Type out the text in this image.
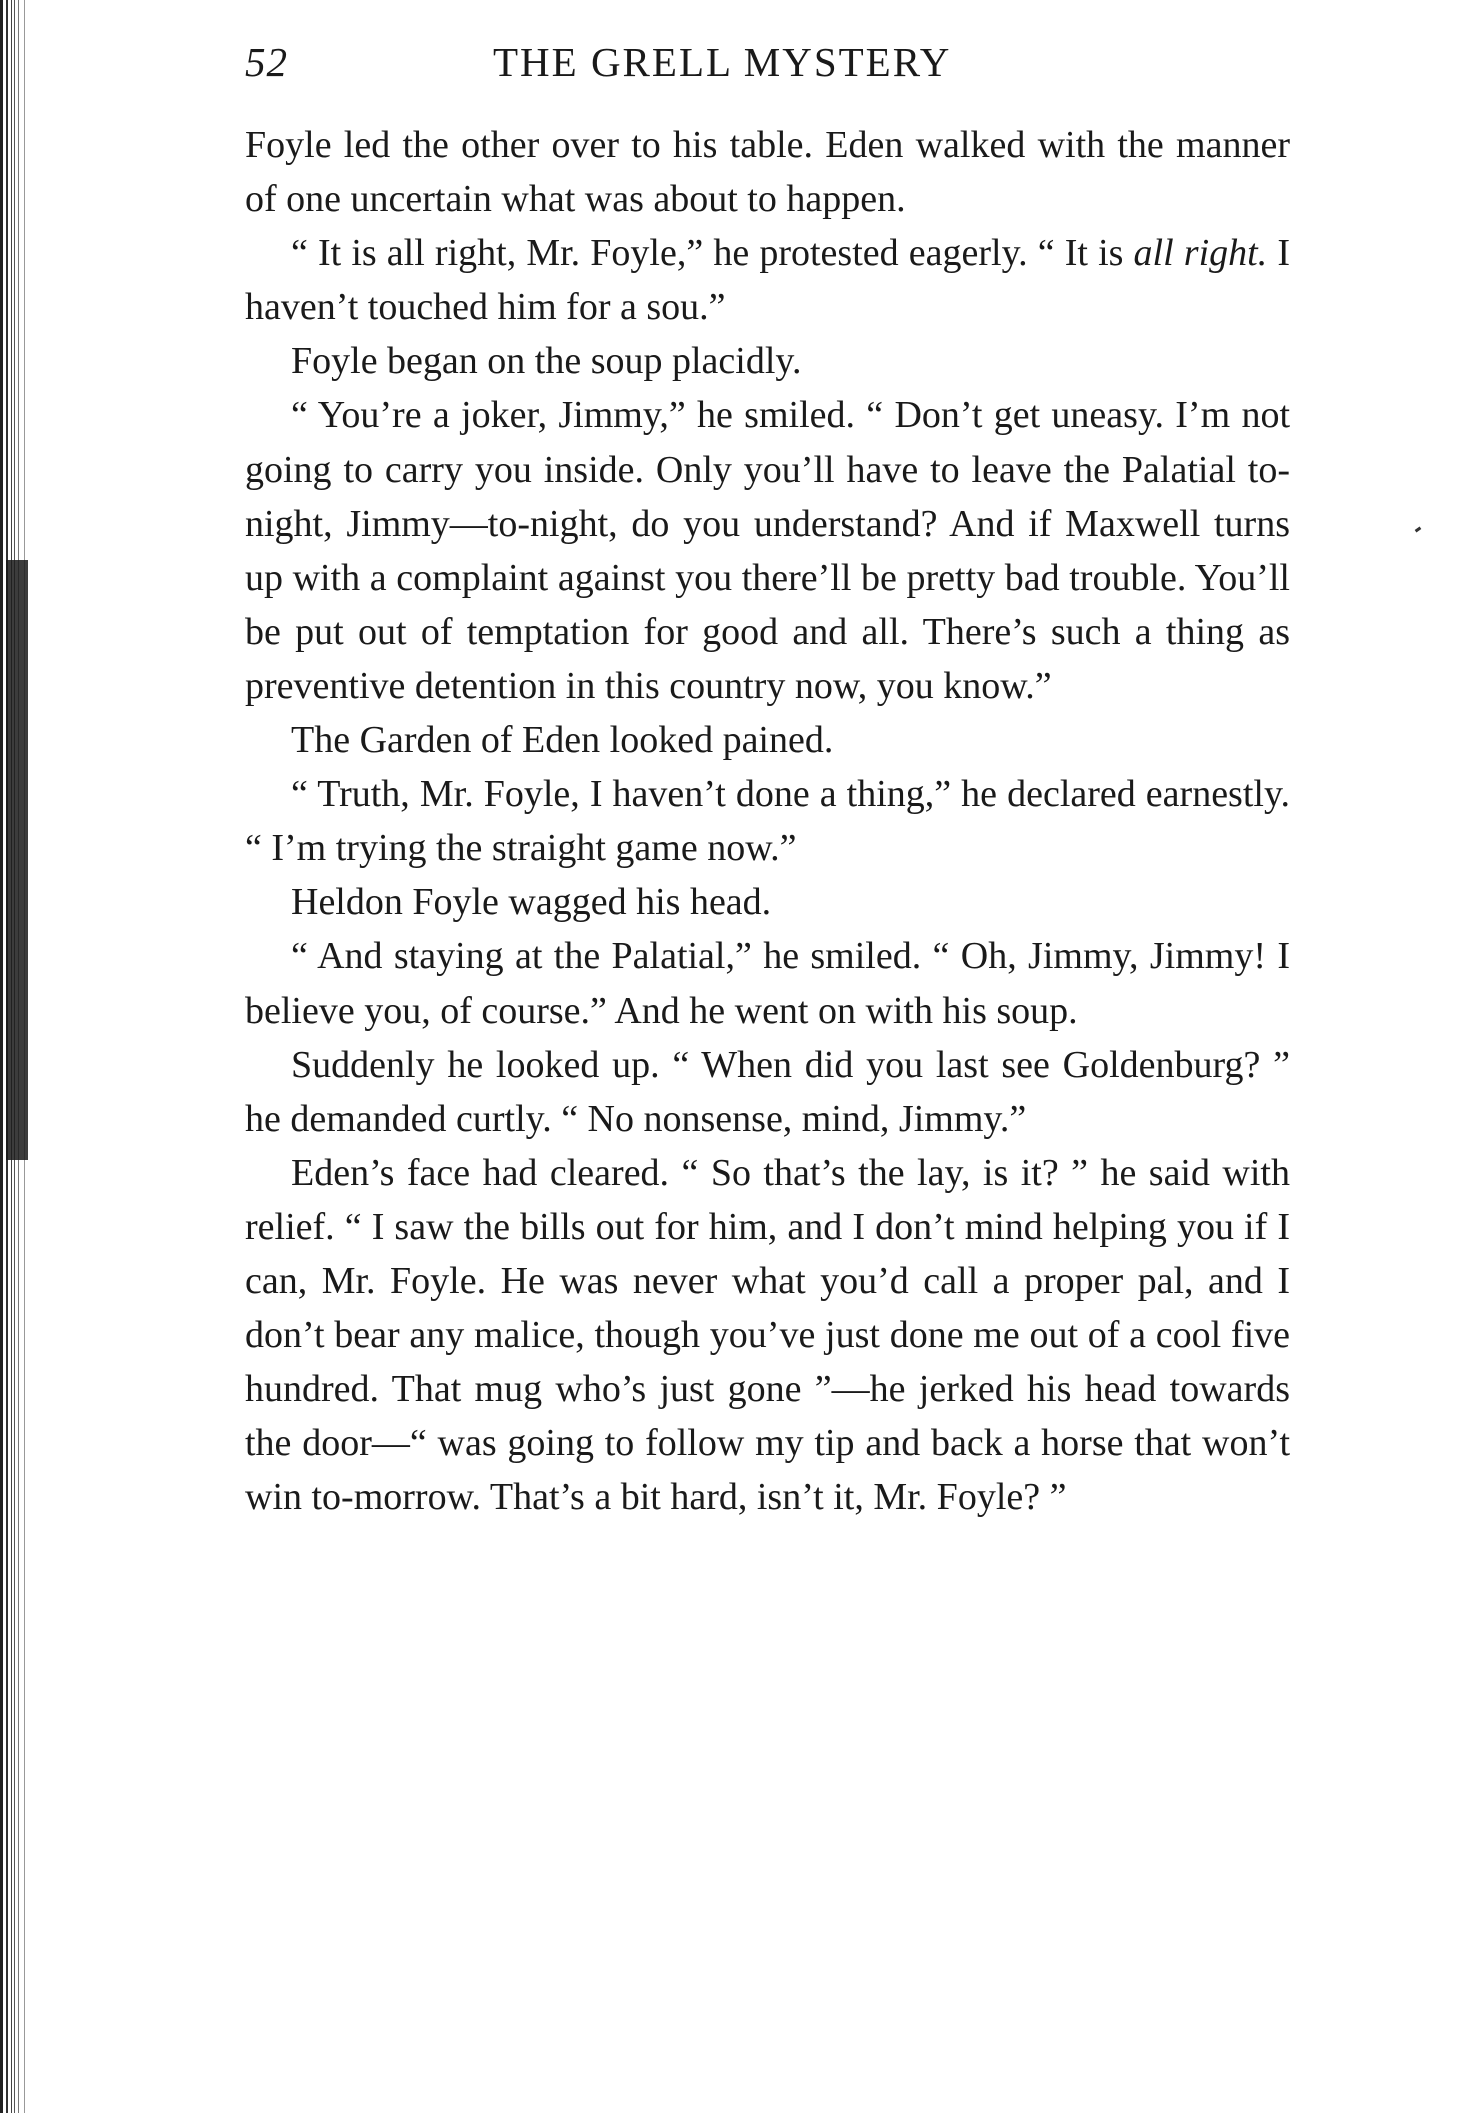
52	THE GRELL MYSTERY

Foyle led the other over to his table. Eden walked with the manner of one uncertain what was about to happen.

“ It is all right, Mr. Foyle,” he protested eagerly. “ It is all right. I haven’t touched him for a sou.”

Foyle began on the soup placidly.

“ You’re a joker, Jimmy,” he smiled. “ Don’t get uneasy. I’m not going to carry you inside. Only you’ll have to leave the Palatial to-night, Jimmy—to-night, do you understand? And if Maxwell turns up with a complaint against you there’ll be pretty bad trouble. You’ll be put out of temptation for good and all. There’s such a thing as preventive detention in this country now, you know.”

The Garden of Eden looked pained.

“ Truth, Mr. Foyle, I haven’t done a thing,” he declared earnestly. “ I’m trying the straight game now.”

Heldon Foyle wagged his head.

“ And staying at the Palatial,” he smiled. “ Oh, Jimmy, Jimmy! I believe you, of course.” And he went on with his soup.

Suddenly he looked up. “ When did you last see Goldenburg? ” he demanded curtly. “ No nonsense, mind, Jimmy.”

Eden’s face had cleared. “ So that’s the lay, is it? ” he said with relief. “ I saw the bills out for him, and I don’t mind helping you if I can, Mr. Foyle. He was never what you’d call a proper pal, and I don’t bear any malice, though you’ve just done me out of a cool five hundred. That mug who’s just gone ”—he jerked his head towards the door—“ was going to follow my tip and back a horse that won’t win to-morrow. That’s a bit hard, isn’t it, Mr. Foyle? ”
